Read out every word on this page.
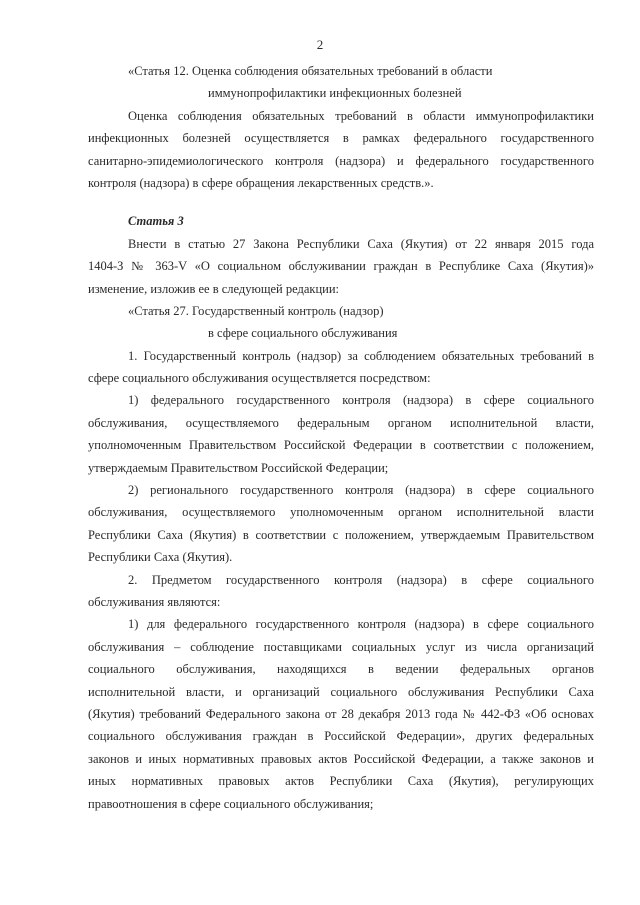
2
«Статья 12. Оценка соблюдения обязательных требований в области
иммунопрофилактики инфекционных болезней
Оценка соблюдения обязательных требований в области иммунопрофилактики
инфекционных болезней осуществляется в рамках федерального государственного
санитарно-эпидемиологического контроля (надзора) и федерального государственного
контроля (надзора) в сфере обращения лекарственных средств.».
Статья 3
Внести в статью 27 Закона Республики Саха (Якутия) от 22 января 2015 года
1404-З № 363-V «О социальном обслуживании граждан в Республике Саха (Якутия)»
изменение, изложив ее в следующей редакции:
«Статья 27. Государственный контроль (надзор)
в сфере социального обслуживания
1. Государственный контроль (надзор) за соблюдением обязательных требований в
сфере социального обслуживания осуществляется посредством:
1) федерального государственного контроля (надзора) в сфере социального
обслуживания, осуществляемого федеральным органом исполнительной власти,
уполномоченным Правительством Российской Федерации в соответствии с положением,
утверждаемым Правительством Российской Федерации;
2) регионального государственного контроля (надзора) в сфере социального
обслуживания, осуществляемого уполномоченным органом исполнительной власти
Республики Саха (Якутия) в соответствии с положением, утверждаемым Правительством
Республики Саха (Якутия).
2. Предметом государственного контроля (надзора) в сфере социального
обслуживания являются:
1) для федерального государственного контроля (надзора) в сфере социального
обслуживания – соблюдение поставщиками социальных услуг из числа организаций
социального обслуживания, находящихся в ведении федеральных органов
исполнительной власти, и организаций социального обслуживания Республики Саха
(Якутия) требований Федерального закона от 28 декабря 2013 года № 442-ФЗ «Об основах
социального обслуживания граждан в Российской Федерации», других федеральных
законов и иных нормативных правовых актов Российской Федерации, а также законов и
иных нормативных правовых актов Республики Саха (Якутия), регулирующих
правоотношения в сфере социального обслуживания;
